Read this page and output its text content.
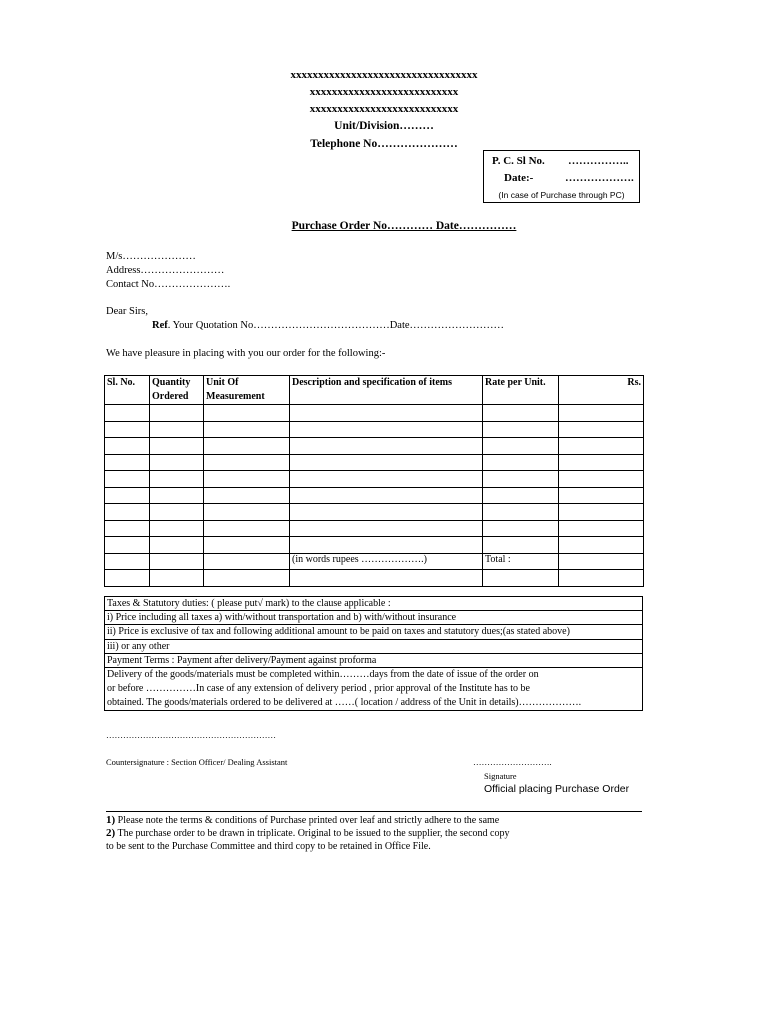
xxxxxxxxxxxxxxxxxxxxxxxxxxxxxxxxxx
xxxxxxxxxxxxxxxxxxxxxxxxxxx
xxxxxxxxxxxxxxxxxxxxxxxxxxx
Unit/Division………
Telephone No…………………
P. C. Sl No. ……………..
Date:-	……………….
(In case of Purchase through PC)
Purchase Order No………… Date……………
M/s…………………
Address……………………
Contact No………………….
Dear Sirs,
Ref. Your Quotation No…………………………………Date………………………
We have pleasure in placing with you our order for the following:-
Sl. No.	Quantity Ordered	Unit Of Measurement	Description and specification of items	Rate per Unit.	Rs.

			(in words rupees ……………….)	Total :	

Taxes & Statutory duties: ( please put√ mark) to the clause applicable :
i) Price including all taxes a) with/without transportation and b) with/without insurance
ii) Price is exclusive of tax and following additional amount to be paid on taxes and statutory dues;(as stated above)
iii) or any other
Payment Terms : Payment after delivery/Payment against proforma
Delivery of the goods/materials must be completed within………days from the date of issue of the order on
or before ……………In case of any extension of delivery period , prior approval of the Institute has to be
obtained. The goods/materials ordered to be delivered at ……( location / address of the Unit in details)……………….
……………………………………………………
Countersignature : Section Officer/ Dealing Assistant	……………………….
Signature
Official placing Purchase Order
1) Please note the terms & conditions of Purchase printed over leaf and strictly adhere to the same
2) The purchase order to be drawn in triplicate. Original to be issued to the supplier, the second copy
to be sent to the Purchase Committee and third copy to be retained in Office File.
